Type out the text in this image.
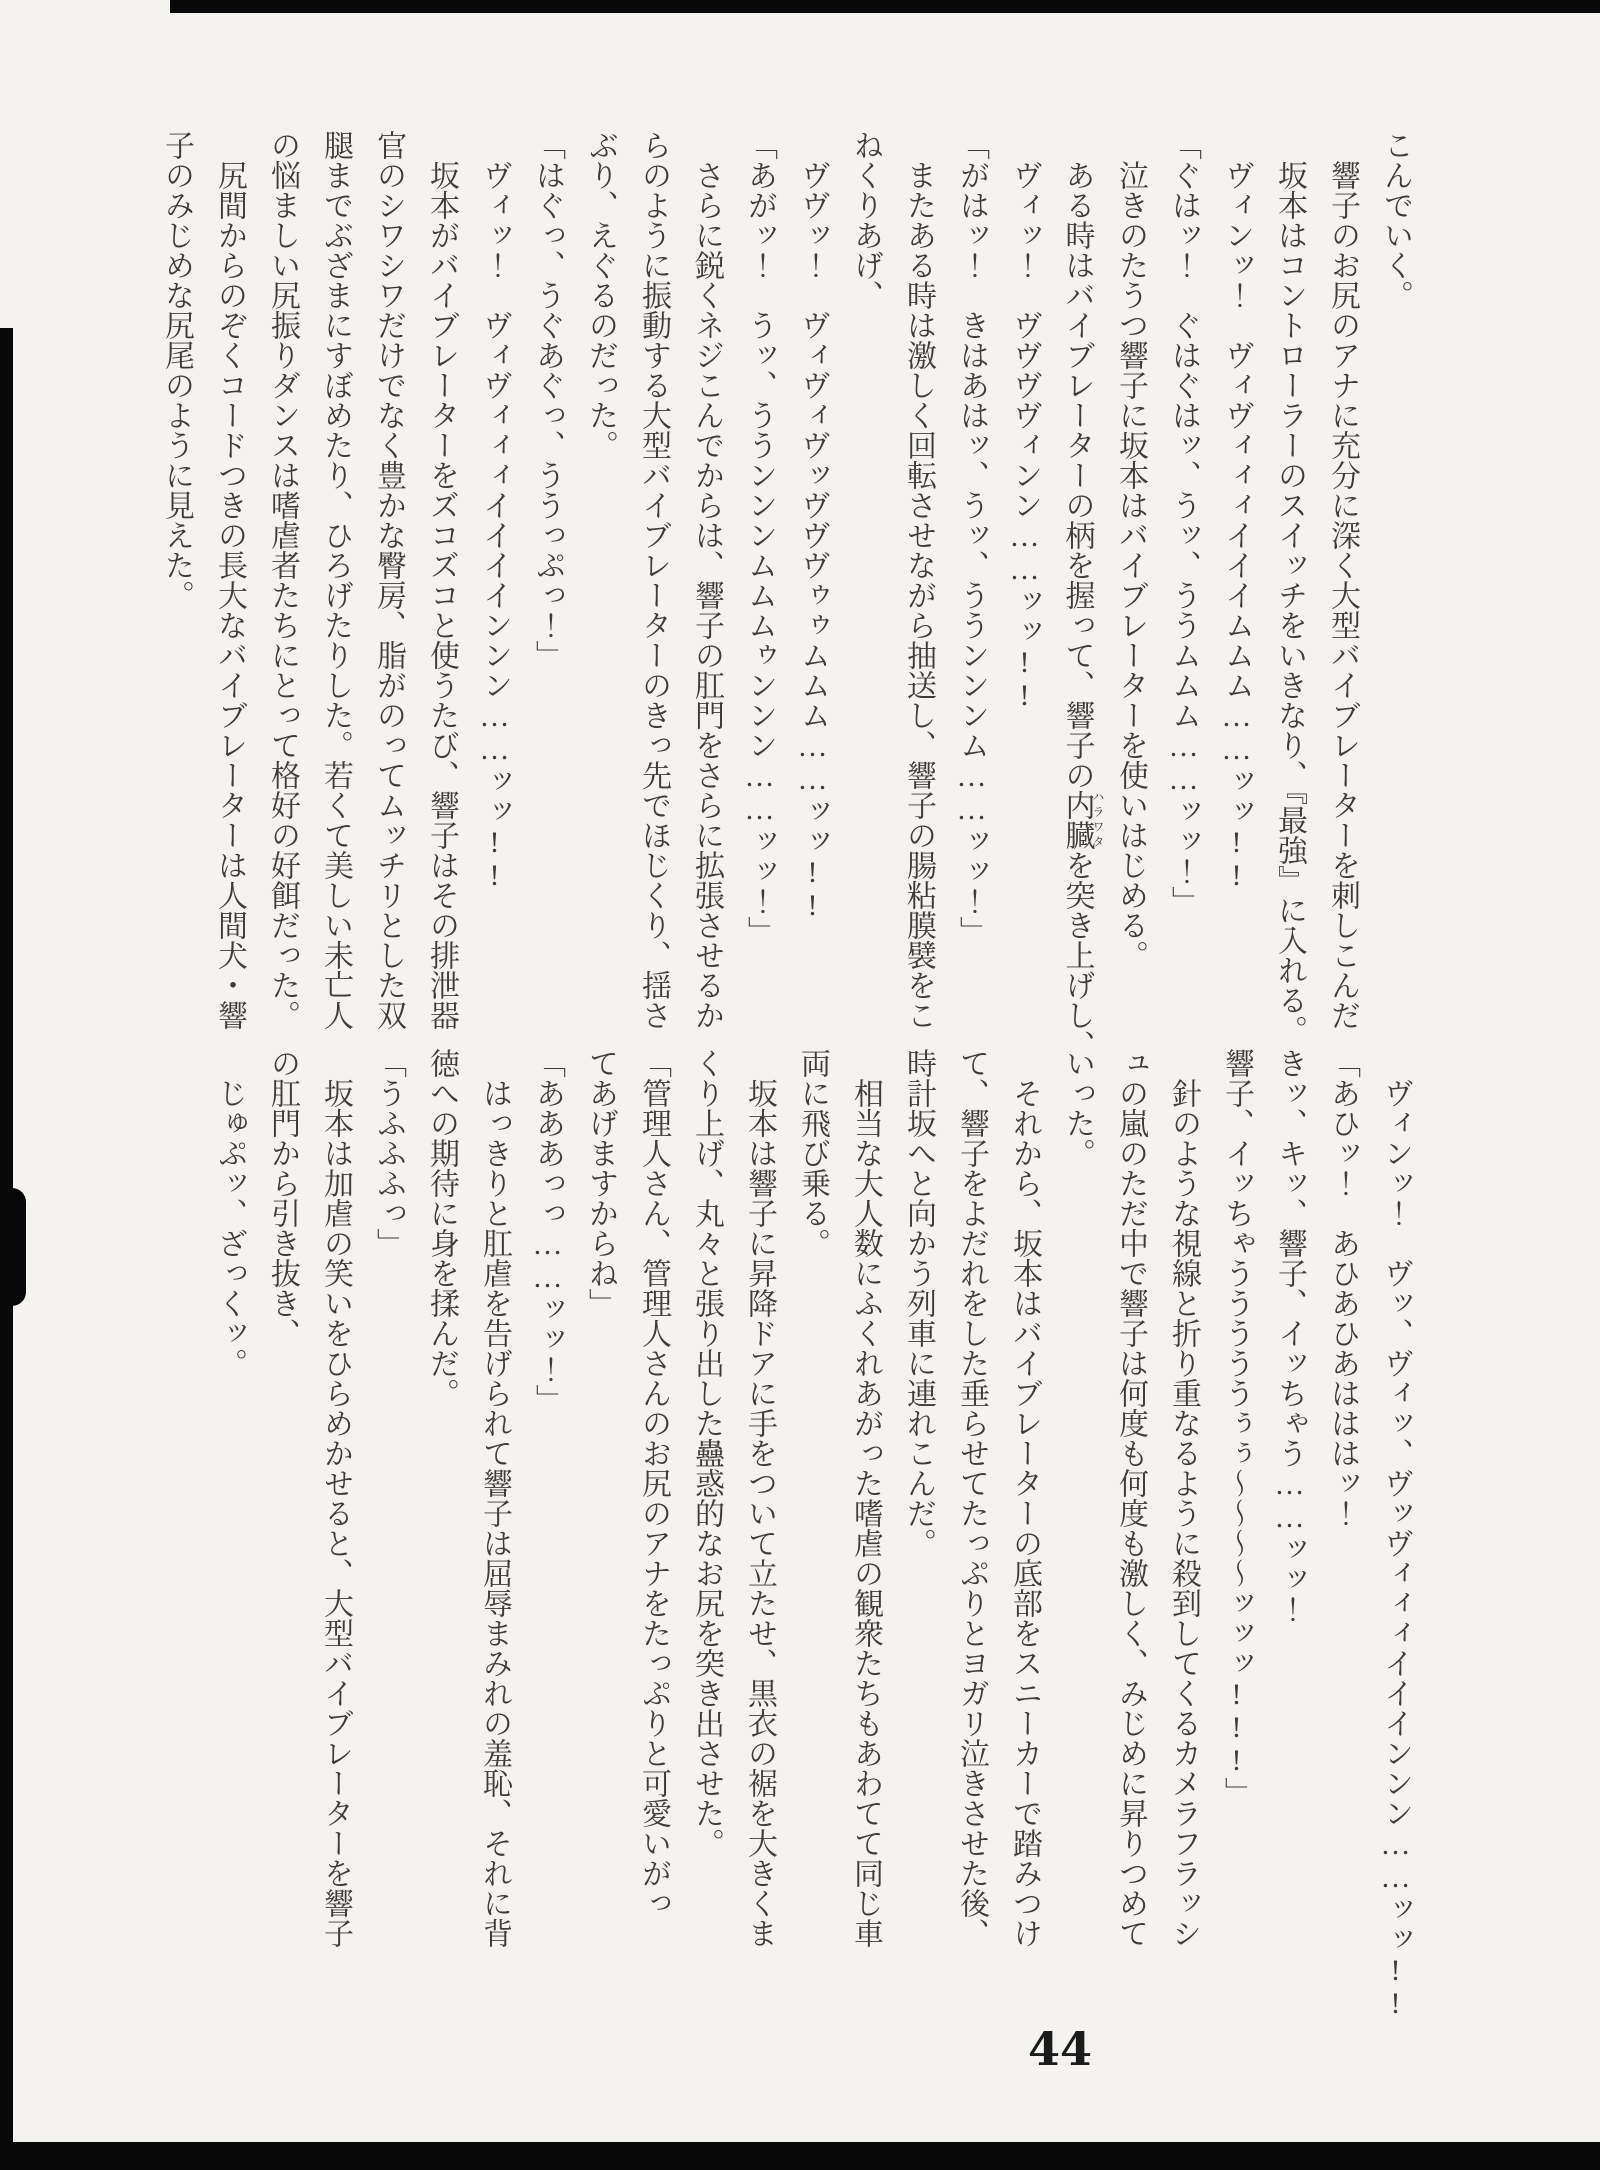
こんでいく。
　響子のお尻のアナに充分に深く大型バイブレーターを刺しこんだ
　坂本はコントローラーのスイッチをいきなり、『最強』に入れる。
　ヴィンッ！　ヴィヴィィィイイイムムム……ッッ!!
「ぐはッ！　ぐはぐはッ、うッ、ううムムム……ッッ！」
　泣きのたうつ響子に坂本はバイブレーターを使いはじめる。
　ある時はバイブレーターの柄を握って、響子の内臓ハラワタを突き上げし、
　ヴィッ！　ヴヴヴヴィンン……ッッ!!
「がはッ！　きはあはッ、うッ、ううンンンム……ッッ！」
　またある時は激しく回転させながら抽送し、響子の腸粘膜襞をこ
ねくりあげ、
　ヴヴッ！　ヴィヴィヴッヴヴヴゥゥムムム……ッッ!!
「あがッ！　うッ、ううンンンムムムゥンンン……ッッ！」
　さらに鋭くネジこんでからは、響子の肛門をさらに拡張させるか
らのように振動する大型バイブレーターのきっ先でほじくり、揺さ
ぶり、えぐるのだった。
「はぐっ、うぐあぐっ、ううっぷっ！」
　ヴィッ！　ヴィヴィィィイイイインンン……ッッ!!
　坂本がバイブレーターをズコズコと使うたび、響子はその排泄器
官のシワシワだけでなく豊かな臀房、脂がのってムッチリとした双
腿までぶざまにすぼめたり、ひろげたりした。若くて美しい未亡人
の悩ましい尻振りダンスは嗜虐者たちにとって格好の好餌だった。
　尻間からのぞくコードつきの長大なバイブレーターは人間犬・響
子のみじめな尻尾のように見えた。
　ヴィンッ！　ヴッ、ヴィッ、ヴッヴィィィイイインンン……ッッ!!
「あひッ！　あひあひあはははッ！
きッ、キッ、響子、イッちゃう……ッッ！
響子、イッちゃうううううぅぅ～～～～ッッッ!!!」
　針のような視線と折り重なるように殺到してくるカメラフラッシ
ュの嵐のただ中で響子は何度も何度も激しく、みじめに昇りつめて
いった。
　それから、坂本はバイブレーターの底部をスニーカーで踏みつけ
て、響子をよだれをした垂らせてたっぷりとヨガリ泣きさせた後、
時計坂へと向かう列車に連れこんだ。
　相当な大人数にふくれあがった嗜虐の観衆たちもあわてて同じ車
両に飛び乗る。
　坂本は響子に昇降ドアに手をついて立たせ、黒衣の裾を大きくま
くり上げ、丸々と張り出した蠱惑的なお尻を突き出させた。
「管理人さん、管理人さんのお尻のアナをたっぷりと可愛いがっ
てあげますからね」
「あああっっ……ッッ！」
　はっきりと肛虐を告げられて響子は屈辱まみれの羞恥、それに背
徳への期待に身を揉んだ。
「うふふふっ」
　坂本は加虐の笑いをひらめかせると、大型バイブレーターを響子
の肛門から引き抜き、
　じゅぷッ、ざっくッ。
44
